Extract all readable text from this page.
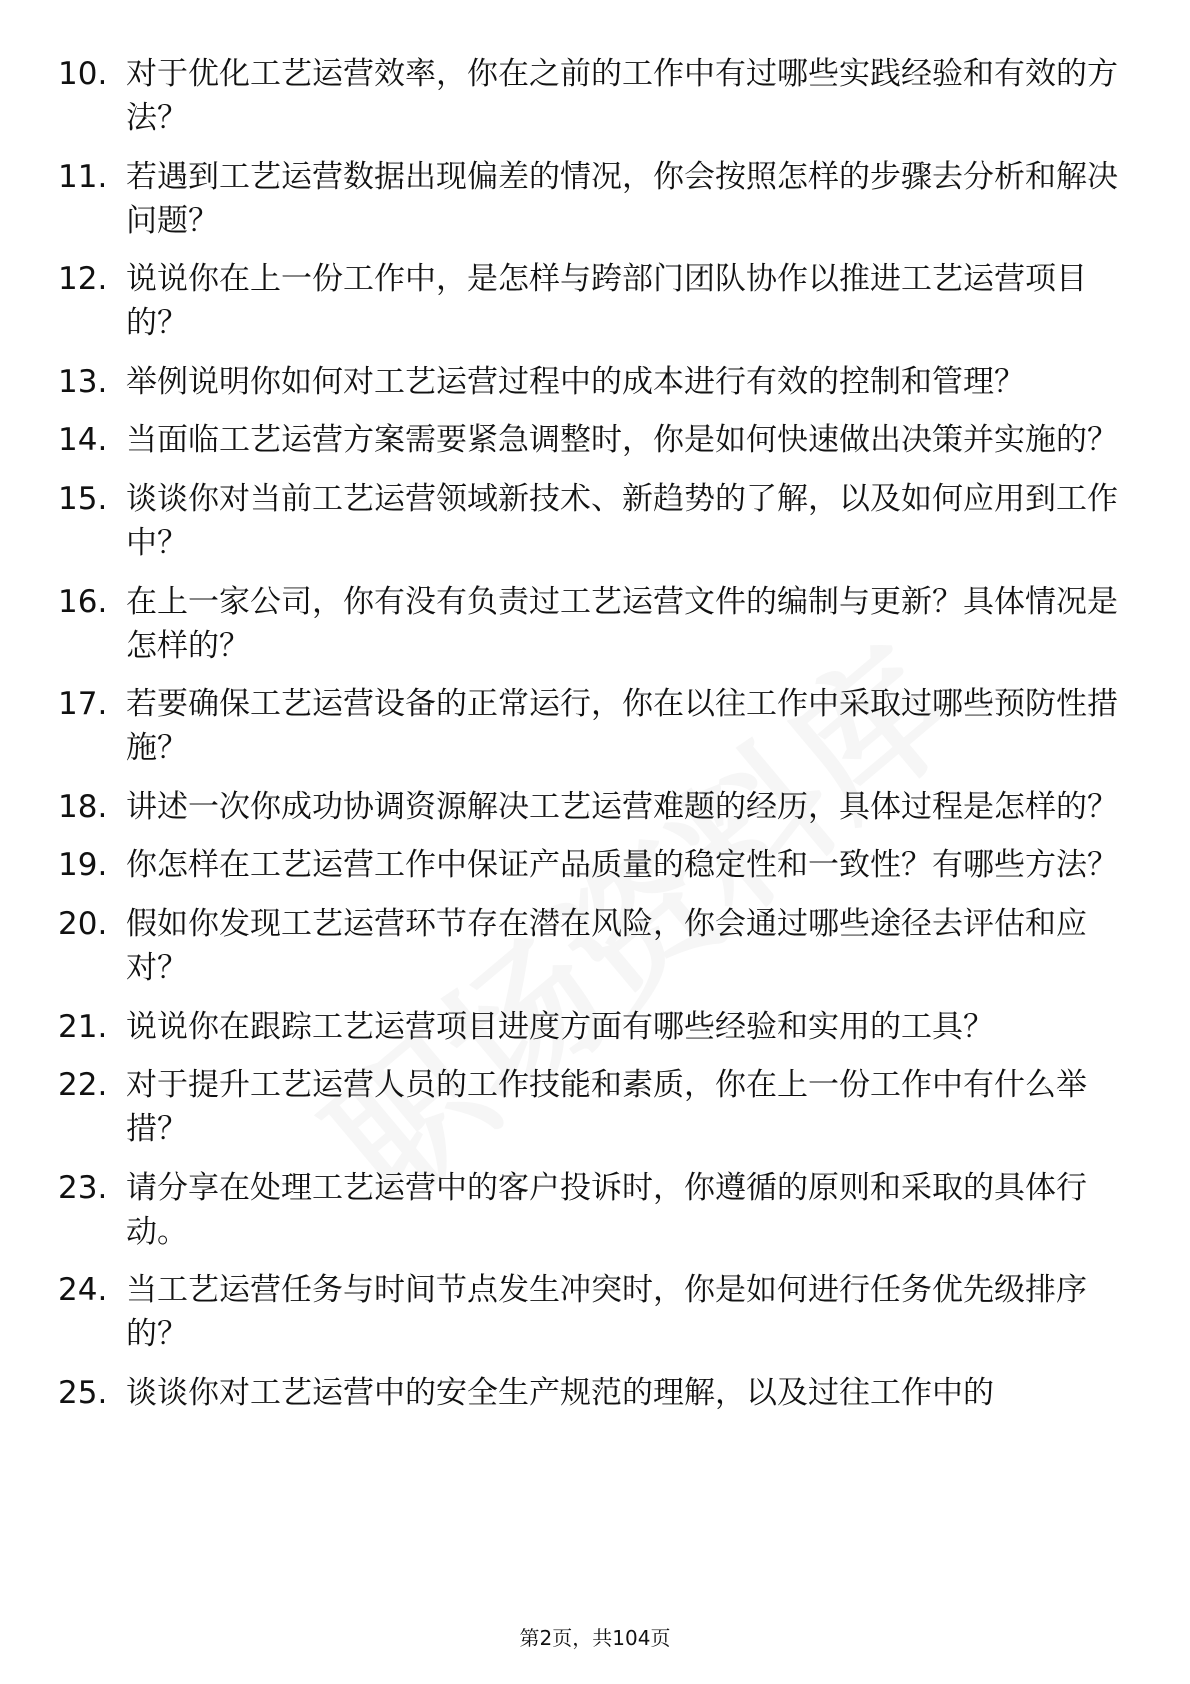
10. 对于优化工艺运营效率，你在之前的工作中有过哪些实践经验和有效的方法？
11. 若遇到工艺运营数据出现偏差的情况，你会按照怎样的步骤去分析和解决问题？
12. 说说你在上一份工作中，是怎样与跨部门团队协作以推进工艺运营项目的？
13. 举例说明你如何对工艺运营过程中的成本进行有效的控制和管理？
14. 当面临工艺运营方案需要紧急调整时，你是如何快速做出决策并实施的？
15. 谈谈你对当前工艺运营领域新技术、新趋势的了解，以及如何应用到工作中？
16. 在上一家公司，你有没有负责过工艺运营文件的编制与更新？具体情况是怎样的？
17. 若要确保工艺运营设备的正常运行，你在以往工作中采取过哪些预防性措施？
18. 讲述一次你成功协调资源解决工艺运营难题的经历，具体过程是怎样的？
19. 你怎样在工艺运营工作中保证产品质量的稳定性和一致性？有哪些方法？
20. 假如你发现工艺运营环节存在潜在风险，你会通过哪些途径去评估和应对？
21. 说说你在跟踪工艺运营项目进度方面有哪些经验和实用的工具？
22. 对于提升工艺运营人员的工作技能和素质，你在上一份工作中有什么举措？
23. 请分享在处理工艺运营中的客户投诉时，你遵循的原则和采取的具体行动。
24. 当工艺运营任务与时间节点发生冲突时，你是如何进行任务优先级排序的？
25. 谈谈你对工艺运营中的安全生产规范的理解，以及过往工作中的
第2页，共104页
